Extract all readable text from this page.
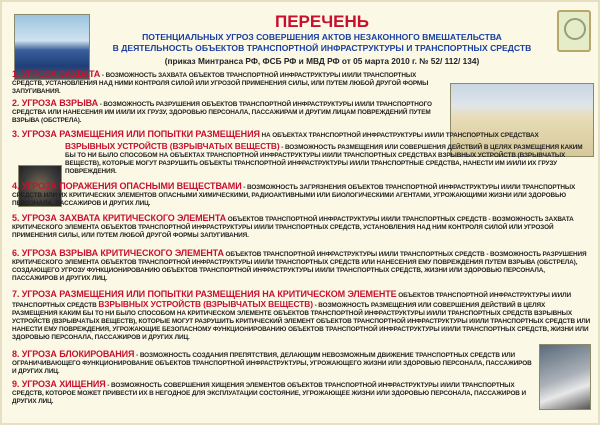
ПЕРЕЧЕНЬ
ПОТЕНЦИАЛЬНЫХ УГРОЗ СОВЕРШЕНИЯ АКТОВ НЕЗАКОННОГО ВМЕШАТЕЛЬСТВА
В ДЕЯТЕЛЬНОСТЬ ОБЪЕКТОВ ТРАНСПОРТНОЙ ИНФРАСТРУКТУРЫ И ТРАНСПОРТНЫХ СРЕДСТВ
(приказ Минтранса РФ, ФСБ РФ и МВД РФ от 05 марта 2010 г. № 52/ 112/ 134)
1. УГРОЗА ЗАХВАТА - ВОЗМОЖНОСТЬ ЗАХВАТА ОБЪЕКТОВ ТРАНСПОРТНОЙ ИНФРАСТРУКТУРЫ И/ИЛИ ТРАНСПОРТНЫХ СРЕДСТВ, УСТАНОВЛЕНИЯ НАД НИМИ КОНТРОЛЯ СИЛОЙ ИЛИ УГРОЗОЙ ПРИМЕНЕНИЯ СИЛЫ, ИЛИ ПУТЕМ ЛЮБОЙ ДРУГОЙ ФОРМЫ ЗАПУГИВАНИЯ.
2. УГРОЗА ВЗРЫВА - ВОЗМОЖНОСТЬ РАЗРУШЕНИЯ ОБЪЕКТОВ ТРАНСПОРТНОЙ ИНФРАСТРУКТУРЫ И/ИЛИ ТРАНСПОРТНОГО СРЕДСТВА ИЛИ НАНЕСЕНИЯ ИМ И/ИЛИ ИХ ГРУЗУ, ЗДОРОВЬЮ ПЕРСОНАЛА, ПАССАЖИРАМ И ДРУГИМ ЛИЦАМ ПОВРЕЖДЕНИЙ ПУТЕМ ВЗРЫВА (ОБСТРЕЛА).
3. УГРОЗА РАЗМЕЩЕНИЯ ИЛИ ПОПЫТКИ РАЗМЕЩЕНИЯ НА ОБЪЕКТАХ ТРАНСПОРТНОЙ ИНФРАСТРУКТУРЫ И/ИЛИ ТРАНСПОРТНЫХ СРЕДСТВАХ
ВЗРЫВНЫХ УСТРОЙСТВ (ВЗРЫВЧАТЫХ ВЕЩЕСТВ) - ВОЗМОЖНОСТЬ РАЗМЕЩЕНИЯ ИЛИ СОВЕРШЕНИЯ ДЕЙСТВИЙ В ЦЕЛЯХ РАЗМЕЩЕНИЯ КАКИМ БЫ ТО НИ БЫЛО СПОСОБОМ НА ОБЪЕКТАХ ТРАНСПОРТНОЙ ИНФРАСТРУКТУРЫ И/ИЛИ ТРАНСПОРТНЫХ СРЕДСТВАХ ВЗРЫВНЫХ УСТРОЙСТВ (ВЗРЫВЧАТЫХ ВЕЩЕСТВ), КОТОРЫЕ МОГУТ РАЗРУШИТЬ ОБЪЕКТЫ ТРАНСПОРТНОЙ ИНФРАСТРУКТУРЫ И/ИЛИ ТРАНСПОРТНЫЕ СРЕДСТВА, НАНЕСТИ ИМ И/ИЛИ ИХ ГРУЗУ ПОВРЕЖДЕНИЯ.
4. УГРОЗА ПОРАЖЕНИЯ ОПАСНЫМИ ВЕЩЕСТВАМИ - ВОЗМОЖНОСТЬ ЗАГРЯЗНЕНИЯ ОБЪЕКТОВ ТРАНСПОРТНОЙ ИНФРАСТРУКТУРЫ И/ИЛИ ТРАНСПОРТНЫХ СРЕДСТВ ИЛИ ИХ КРИТИЧЕСКИХ ЭЛЕМЕНТОВ ОПАСНЫМИ ХИМИЧЕСКИМИ, РАДИОАКТИВНЫМИ ИЛИ БИОЛОГИЧЕСКИМИ АГЕНТАМИ, УГРОЖАЮЩИМИ ЖИЗНИ ИЛИ ЗДОРОВЬЮ ПЕРСОНАЛА, ПАССАЖИРОВ И ДРУГИХ ЛИЦ.
5. УГРОЗА ЗАХВАТА КРИТИЧЕСКОГО ЭЛЕМЕНТА ОБЪЕКТОВ ТРАНСПОРТНОЙ ИНФРАСТРУКТУРЫ И/ИЛИ ТРАНСПОРТНЫХ СРЕДСТВ - ВОЗМОЖНОСТЬ ЗАХВАТА КРИТИЧЕСКОГО ЭЛЕМЕНТА ОБЪЕКТОВ ТРАНСПОРТНОЙ ИНФРАСТРУКТУРЫ И/ИЛИ ТРАНСПОРТНЫХ СРЕДСТВ, УСТАНОВЛЕНИЯ НАД НИМ КОНТРОЛЯ СИЛОЙ ИЛИ УГРОЗОЙ ПРИМЕНЕНИЯ СИЛЫ, ИЛИ ПУТЕМ ЛЮБОЙ ДРУГОЙ ФОРМЫ ЗАПУГИВАНИЯ.
6. УГРОЗА ВЗРЫВА КРИТИЧЕСКОГО ЭЛЕМЕНТА ОБЪЕКТОВ ТРАНСПОРТНОЙ ИНФРАСТРУКТУРЫ И/ИЛИ ТРАНСПОРТНЫХ СРЕДСТВ - ВОЗМОЖНОСТЬ РАЗРУШЕНИЯ КРИТИЧЕСКОГО ЭЛЕМЕНТА ОБЪЕКТОВ ТРАНСПОРТНОЙ ИНФРАСТРУКТУРЫ И/ИЛИ ТРАНСПОРТНЫХ СРЕДСТВ ИЛИ НАНЕСЕНИЯ ЕМУ ПОВРЕЖДЕНИЯ ПУТЕМ ВЗРЫВА (ОБСТРЕЛА), СОЗДАЮЩЕГО УГРОЗУ ФУНКЦИОНИРОВАНИЮ ОБЪЕКТОВ ТРАНСПОРТНОЙ ИНФРАСТРУКТУРЫ И/ИЛИ ТРАНСПОРТНЫХ СРЕДСТВ, ЖИЗНИ ИЛИ ЗДОРОВЬЮ ПЕРСОНАЛА, ПАССАЖИРОВ И ДРУГИХ ЛИЦ.
7. УГРОЗА РАЗМЕЩЕНИЯ ИЛИ ПОПЫТКИ РАЗМЕЩЕНИЯ НА КРИТИЧЕСКОМ ЭЛЕМЕНТЕ ОБЪЕКТОВ ТРАНСПОРТНОЙ ИНФРАСТРУКТУРЫ И/ИЛИ ТРАНСПОРТНЫХ СРЕДСТВ ВЗРЫВНЫХ УСТРОЙСТВ (ВЗРЫВЧАТЫХ ВЕЩЕСТВ) - ВОЗМОЖНОСТЬ РАЗМЕЩЕНИЯ ИЛИ СОВЕРШЕНИЯ ДЕЙСТВИЙ В ЦЕЛЯХ РАЗМЕЩЕНИЯ КАКИМ БЫ ТО НИ БЫЛО СПОСОБОМ НА КРИТИЧЕСКОМ ЭЛЕМЕНТЕ ОБЪЕКТОВ ТРАНСПОРТНОЙ ИНФРАСТРУКТУРЫ И/ИЛИ ТРАНСПОРТНЫХ СРЕДСТВ ВЗРЫВНЫХ УСТРОЙСТВ (ВЗРЫВЧАТЫХ ВЕЩЕСТВ), КОТОРЫЕ МОГУТ РАЗРУШИТЬ КРИТИЧЕСКИЙ ЭЛЕМЕНТ ОБЪЕКТОВ ТРАНСПОРТНОЙ ИНФРАСТРУКТУРЫ И/ИЛИ ТРАНСПОРТНЫХ СРЕДСТВ ИЛИ НАНЕСТИ ЕМУ ПОВРЕЖДЕНИЯ, УГРОЖАЮЩИЕ БЕЗОПАСНОМУ ФУНКЦИОНИРОВАНИЮ ОБЪЕКТОВ ТРАНСПОРТНОЙ ИНФРАСТРУКТУРЫ И/ИЛИ ТРАНСПОРТНЫХ СРЕДСТВ, ЖИЗНИ ИЛИ ЗДОРОВЬЮ ПЕРСОНАЛА, ПАССАЖИРОВ И ДРУГИХ ЛИЦ.
8. УГРОЗА БЛОКИРОВАНИЯ - ВОЗМОЖНОСТЬ СОЗДАНИЯ ПРЕПЯТСТВИЯ, ДЕЛАЮЩИМ НЕВОЗМОЖНЫМ ДВИЖЕНИЕ ТРАНСПОРТНЫХ СРЕДСТВ ИЛИ ОГРАНИЧИВАЮЩЕГО ФУНКЦИОНИРОВАНИЕ ОБЪЕКТОВ ТРАНСПОРТНОЙ ИНФРАСТРУКТУРЫ, УГРОЖАЮЩЕГО ЖИЗНИ ИЛИ ЗДОРОВЬЮ ПЕРСОНАЛА, ПАССАЖИРОВ И ДРУГИХ ЛИЦ.
9. УГРОЗА ХИЩЕНИЯ - ВОЗМОЖНОСТЬ СОВЕРШЕНИЯ ХИЩЕНИЯ ЭЛЕМЕНТОВ ОБЪЕКТОВ ТРАНСПОРТНОЙ ИНФРАСТРУКТУРЫ И/ИЛИ ТРАНСПОРТНЫХ СРЕДСТВ, КОТОРОЕ МОЖЕТ ПРИВЕСТИ ИХ В НЕГОДНОЕ ДЛЯ ЭКСПЛУАТАЦИИ СОСТОЯНИЕ, УГРОЖАЮЩЕЕ ЖИЗНИ ИЛИ ЗДОРОВЬЮ ПЕРСОНАЛА, ПАССАЖИРОВ И ДРУГИХ ЛИЦ.
